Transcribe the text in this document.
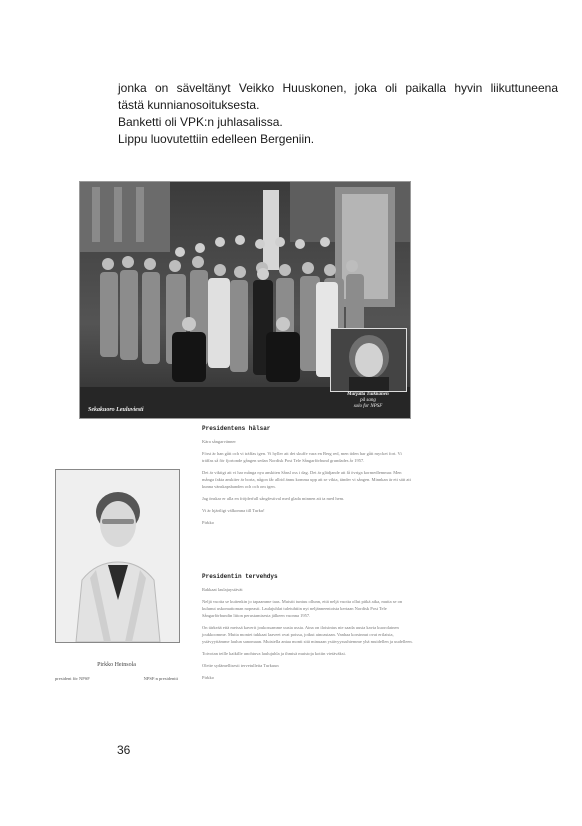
jonka on säveltänyt Veikko Huuskonen, joka oli paikalla hyvin liikuttuneena

tästä kunnianosoituksesta.

Banketti oli VPK:n juhlasalissa.

Lippu luovutettiin edelleen Bergeniin.

Sekakuoro Leuluviesti
Marjatta Tuikkanen
på sang
solo for NPSF
Pirkko Heinsola
president för NPSF	NPSF:n presidentti
Presidentens hälsar

Kära sångarvänner

Först är han gått och vi träffas igen. Vi hyller att det skuffe vara en Berg red, men tiden har gått mycket fort. Vi träffas så för fjortonde gången sedan Nordisk Post Tele Sångarförbund grundades år 1957.

Det är viktigt att vi har många nya anskiten Sånsl oss i dag. Det är glädjande att få övriga kormedlemmar. Men många fakta anskiter är borta, någon får allrid ännu komma upp att se vikta, tänder vi sången. Minnkan är ett sätt att kunna vänskapsbanden och och om igen.

Jag önskar er alla en fröjderfull sångfestival med glada minnen att ta med hem.

Vi är hjärtligt välkomna till Turku!

Pirkko

Presidentin tervehdys

Rakkaat laulajaystävät

Neljä vuotta se kuitenkin jo tapaamme taas. Muistit tuntuu ollunn, että neljä vuotta ollut pitkä aika, mutta se on kulunut uskomattoman nopeasti. Laulajuhlat tuletuhtiin nyt neljänneentoista kertaan Nordisk Post Tele Sångarförbundin liiton perustamisesta jälkeen vuonna 1957.

On tärkeää että meissä kaverit joukossamme uusia ussia. Aina on iloisintus nie saada uusia kavia kuorolainen joukkoomme. Mutta moniet tukkaat laaveet ovat poissa, jotkut ainoastaan. Vanhaa korsinnut ovat erilaisia, ystävyyttämme laulun sanomaan. Muistella antaa monti sitä minuaan ystävyyssuhtemme yhä muidellen ja uudelleen.

Toivotan teille kaikille unohtuva laulujuhla ja ihmisä muistoja kotiin vietäväksi.

Olette sydämellisesti tervetulleita Turkuun

Pirkko

36
